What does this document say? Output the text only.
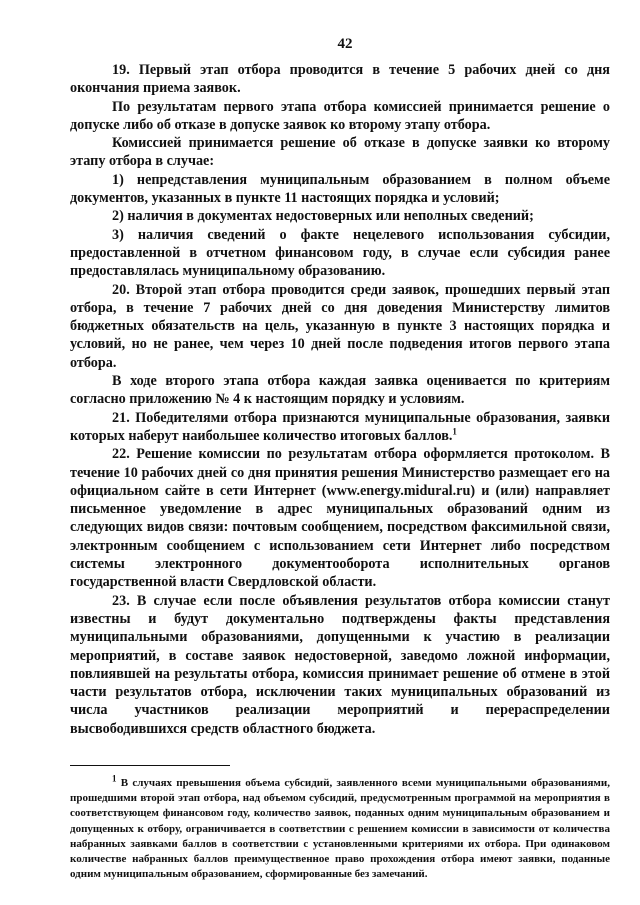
42

19. Первый этап отбора проводится в течение 5 рабочих дней со дня окончания приема заявок.

По результатам первого этапа отбора комиссией принимается решение о допуске либо об отказе в допуске заявок ко второму этапу отбора.

Комиссией принимается решение об отказе в допуске заявки ко второму этапу отбора в случае:

1) непредставления муниципальным образованием в полном объеме документов, указанных в пункте 11 настоящих порядка и условий;

2) наличия в документах недостоверных или неполных сведений;

3) наличия сведений о факте нецелевого использования субсидии, предоставленной в отчетном финансовом году, в случае если субсидия ранее предоставлялась муниципальному образованию.

20. Второй этап отбора проводится среди заявок, прошедших первый этап отбора, в течение 7 рабочих дней со дня доведения Министерству лимитов бюджетных обязательств на цель, указанную в пункте 3 настоящих порядка и условий, но не ранее, чем через 10 дней после подведения итогов первого этапа отбора.

В ходе второго этапа отбора каждая заявка оценивается по критериям согласно приложению № 4 к настоящим порядку и условиям.

21. Победителями отбора признаются муниципальные образования, заявки которых наберут наибольшее количество итоговых баллов.$^1$

22. Решение комиссии по результатам отбора оформляется протоколом. В течение 10 рабочих дней со дня принятия решения Министерство размещает его на официальном сайте в сети Интернет (www.energy.midural.ru) и (или) направляет письменное уведомление в адрес муниципальных образований одним из следующих видов связи: почтовым сообщением, посредством факсимильной связи, электронным сообщением с использованием сети Интернет либо посредством системы электронного документооборота исполнительных органов государственной власти Свердловской области.

23. В случае если после объявления результатов отбора комиссии станут известны и будут документально подтверждены факты представления муниципальными образованиями, допущенными к участию в реализации мероприятий, в составе заявок недостоверной, заведомо ложной информации, повлиявшей на результаты отбора, комиссия принимает решение об отмене в этой части результатов отбора, исключении таких муниципальных образований из числа участников реализации мероприятий и перераспределении высвободившихся средств областного бюджета.

$^1$ В случаях превышения объема субсидий, заявленного всеми муниципальными образованиями, прошедшими второй этап отбора, над объемом субсидий, предусмотренным программой на мероприятия в соответствующем финансовом году, количество заявок, поданных одним муниципальным образованием и допущенных к отбору, ограничивается в соответствии с решением комиссии в зависимости от количества набранных заявками баллов в соответствии с установленными критериями их отбора. При одинаковом количестве набранных баллов преимущественное право прохождения отбора имеют заявки, поданные одним муниципальным образованием, сформированные без замечаний.
